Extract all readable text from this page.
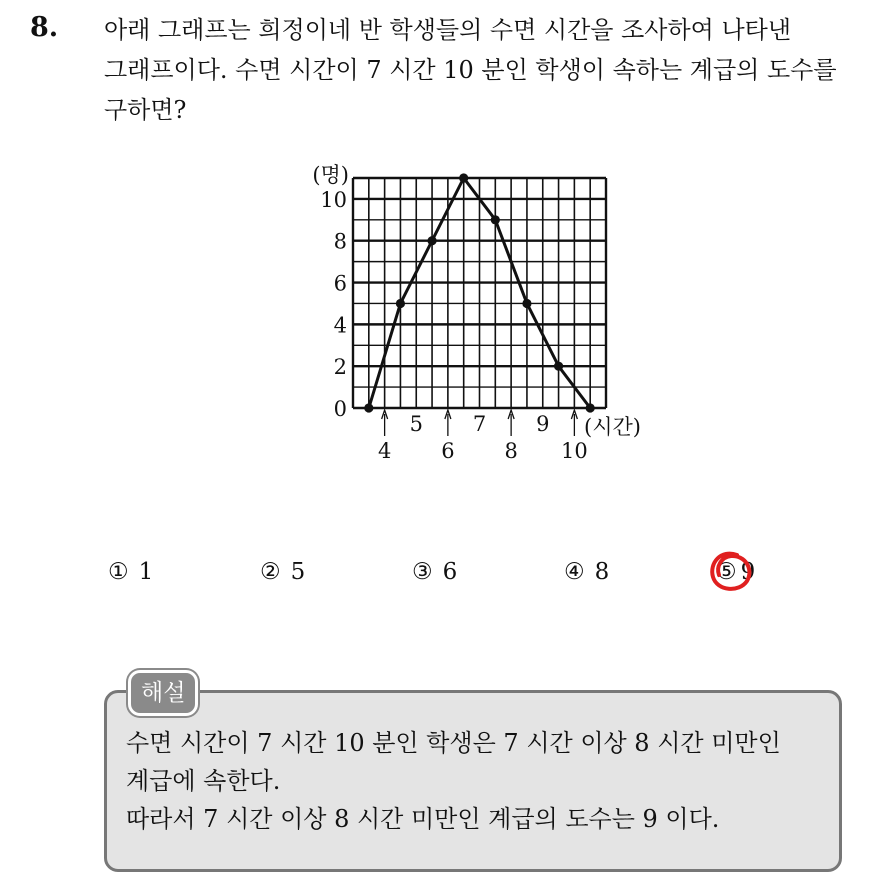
8. 아래 그래프는 희정이네 반 학생들의 수면 시간을 조사하여 나타낸
그래프이다. 수면 시간이 7 시간 10 분인 학생이 속하는 계급의 도수를
구하면?
0
2
4
6
8
10
(명)
5 7 9
4 6 8 10
(시간)
① 1	② 5	③ 6	④ 8	⑤ 9
해설
수면 시간이 7 시간 10 분인 학생은 7 시간 이상 8 시간 미만인
계급에 속한다.
따라서 7 시간 이상 8 시간 미만인 계급의 도수는 9 이다.
